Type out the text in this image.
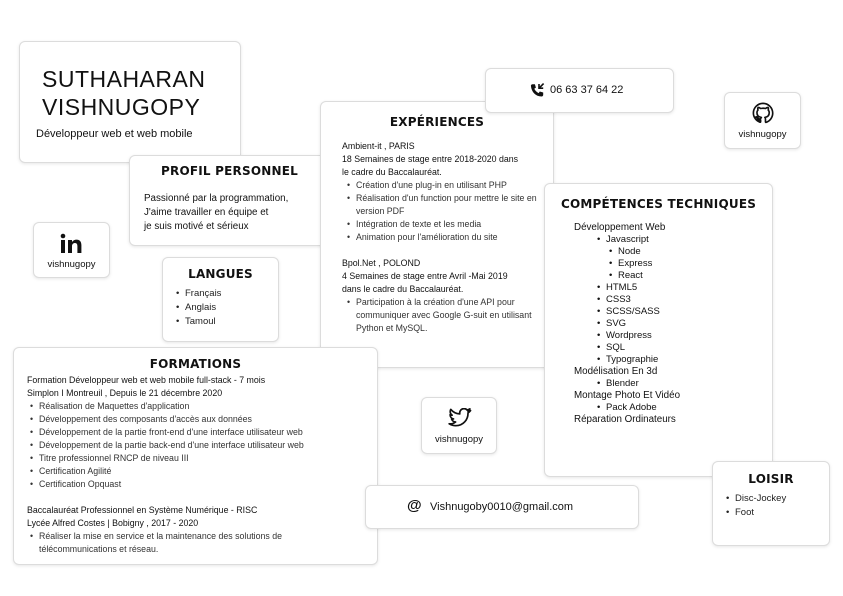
SUTHAHARAN
VISHNUGOPY
Développeur web et web mobile
PROFIL PERSONNEL
Passionné par la programmation,
J'aime travailler en équipe et
je suis motivé et sérieux
vishnugopy
LANGUES
• Français
• Anglais
• Tamoul
EXPÉRIENCES
Ambient-it , PARIS
18 Semaines de stage entre 2018-2020 dans
le cadre du Baccalauréat.
• Création d'une plug-in en utilisant PHP
• Réalisation d'un function pour mettre le site en version PDF
• Intégration de texte et les media
• Animation pour l'amélioration du site
Bpol.Net , POLOND
4 Semaines de stage entre Avril -Mai 2019
dans le cadre du Baccalauréat.
• Participation à la création d'une API pour communiquer avec Google G-suit en utilisant Python et MySQL.
06 63 37 64 22
vishnugopy
COMPÉTENCES TECHNIQUES
Développement Web
• Javascript
• Node
• Express
• React
• HTML5
• CSS3
• SCSS/SASS
• SVG
• Wordpress
• SQL
• Typographie
Modélisation En 3d
• Blender
Montage Photo Et Vidéo
• Pack Adobe
Réparation Ordinateurs
FORMATIONS
Formation Développeur web et web mobile full-stack - 7 mois
Simplon I Montreuil , Depuis le 21 décembre 2020
• Réalisation de Maquettes d'application
• Développement des composants d'accès aux données
• Développement de la partie front-end d'une interface utilisateur web
• Développement de la partie back-end d'une interface utilisateur web
• Titre professionnel RNCP de niveau III
• Certification Agilité
• Certification Opquast
Baccalauréat Professionnel en Système Numérique - RISC
Lycée Alfred Costes | Bobigny , 2017 - 2020
• Réaliser la mise en service et la maintenance des solutions de télécommunications et réseau.
vishnugopy
@ Vishnugoby0010@gmail.com
LOISIR
• Disc-Jockey
• Foot
